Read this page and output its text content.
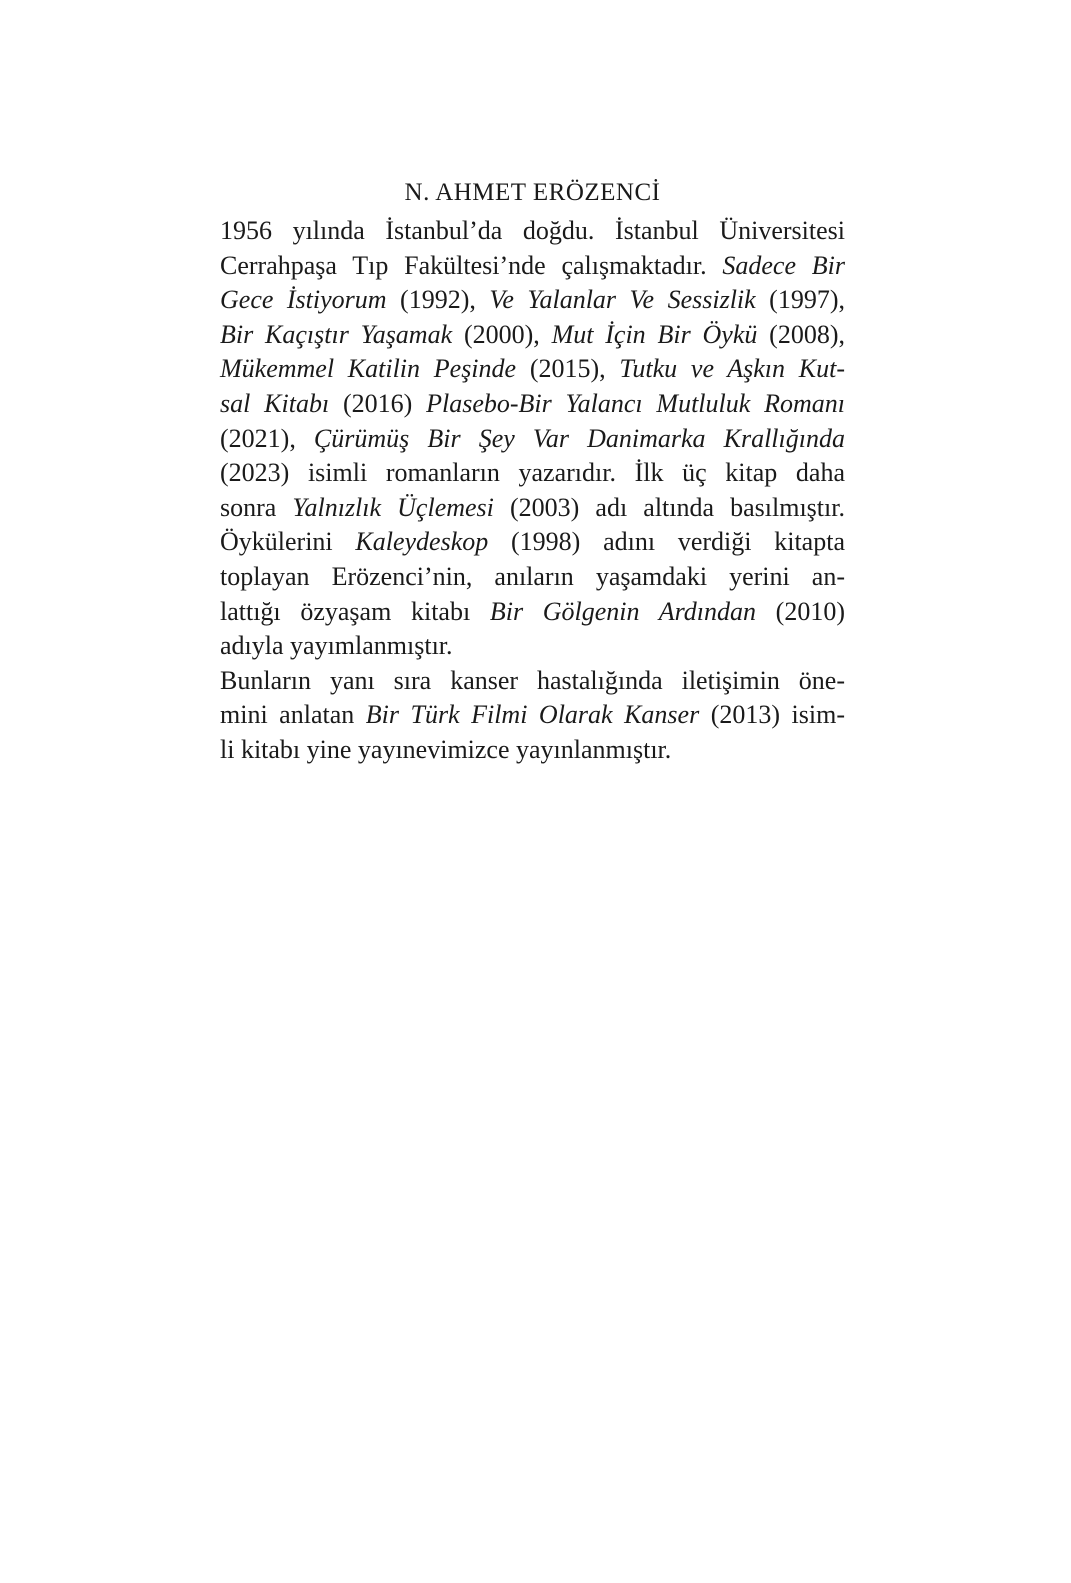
N. AHMET ERÖZENCİ
1956 yılında İstanbul’da doğdu. İstanbul Üniversitesi
Cerrahpaşa Tıp Fakültesi’nde çalışmaktadır. Sadece Bir
Gece İstiyorum (1992), Ve Yalanlar Ve Sessizlik (1997),
Bir Kaçıştır Yaşamak (2000), Mut İçin Bir Öykü (2008),
Mükemmel Katilin Peşinde (2015), Tutku ve Aşkın Kut-
sal Kitabı (2016) Plasebo-Bir Yalancı Mutluluk Romanı
(2021), Çürümüş Bir Şey Var Danimarka Krallığında
(2023) isimli romanların yazarıdır. İlk üç kitap daha
sonra Yalnızlık Üçlemesi (2003) adı altında basılmıştır.
Öykülerini Kaleydeskop (1998) adını verdiği kitapta
toplayan Erözenci’nin, anıların yaşamdaki yerini an-
lattığı özyaşam kitabı Bir Gölgenin Ardından (2010)
adıyla yayımlanmıştır.
Bunların yanı sıra kanser hastalığında iletişimin öne-
mini anlatan Bir Türk Filmi Olarak Kanser (2013) isim-
li kitabı yine yayınevimizce yayınlanmıştır.
